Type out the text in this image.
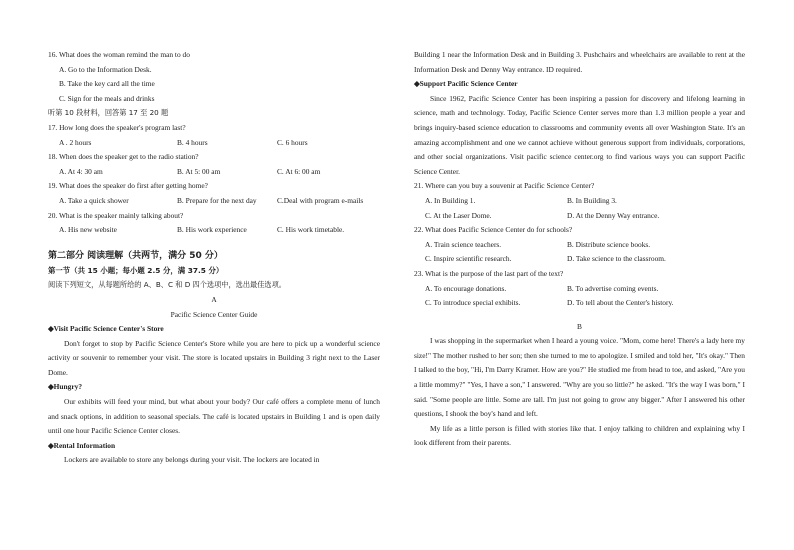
16. What does the woman remind the man to do
A. Go to the Information Desk.
B. Take the key card all the time
C. Sign for the meals and drinks
听第 10 段材料，回答第 17 至 20 题
17. How long does the speaker's program last?
A . 2 hours	B. 4 hours	C. 6 hours
18. When does the speaker get to the radio station?
A. At 4: 30 am	B. At 5: 00 am	C. At 6: 00 am
19. What does the speaker do first after getting home?
A. Take a quick shower	B. Prepare for the next day	C.Deal with program e-mails
20. What is the speaker mainly talking about?
A. His new website	B. His work experience	C. His work timetable.
第二部分 阅读理解（共两节，满分 50 分）
第一节（共 15 小题；每小题 2.5 分，满 37.5 分）
阅读下列短文，从每题所给的 A、B、C 和 D 四个选项中，选出最佳选项。
A
Pacific Science Center Guide
◆Visit Pacific Science Center's Store
Don't forget to stop by Pacific Science Center's Store while you are here to pick up a wonderful science activity or souvenir to remember your visit. The store is located upstairs in Building 3 right next to the Laser Dome.
◆Hungry?
Our exhibits will feed your mind, but what about your body? Our café offers a complete menu of lunch and snack options, in addition to seasonal specials. The café is located upstairs in Building 1 and is open daily until one hour Pacific Science Center closes.
◆Rental Information
Lockers are available to store any belongs during your visit. The lockers are located in
Building 1 near the Information Desk and in Building 3. Pushchairs and wheelchairs are available to rent at the Information Desk and Denny Way entrance. ID required.
◆Support Pacific Science Center
Since 1962, Pacific Science Center has been inspiring a passion for discovery and lifelong learning in science, math and technology. Today, Pacific Science Center serves more than 1.3 million people a year and brings inquiry-based science education to classrooms and community events all over Washington State. It's an amazing accomplishment and one we cannot achieve without generous support from individuals, corporations, and other social organizations. Visit pacific science center.org to find various ways you can support Pacific Science Center.
21. Where can you buy a souvenir at Pacific Science Center?
A. In Building 1.	B. In Building 3.
C. At the Laser Dome.	D. At the Denny Way entrance.
22. What does Pacific Science Center do for schools?
A. Train science teachers.	B. Distribute science books.
C. Inspire scientific research.	D. Take science to the classroom.
23. What is the purpose of the last part of the text?
A. To encourage donations.	B. To advertise coming events.
C. To introduce special exhibits.	D. To tell about the Center's history.
B
I was shopping in the supermarket when I heard a young voice. "Mom, come here! There's a lady here my size!" The mother rushed to her son; then she turned to me to apologize. I smiled and told her, "It's okay." Then I talked to the boy, "Hi, I'm Darry Kramer. How are you?" He studied me from head to toe, and asked, "Are you a little mommy?" "Yes, I have a son," I answered. "Why are you so little?" he asked. "It's the way I was born," I said. "Some people are little. Some are tall. I'm just not going to grow any bigger." After I answered his other questions, I shook the boy's hand and left.
My life as a little person is filled with stories like that. I enjoy talking to children and explaining why I look different from their parents.
